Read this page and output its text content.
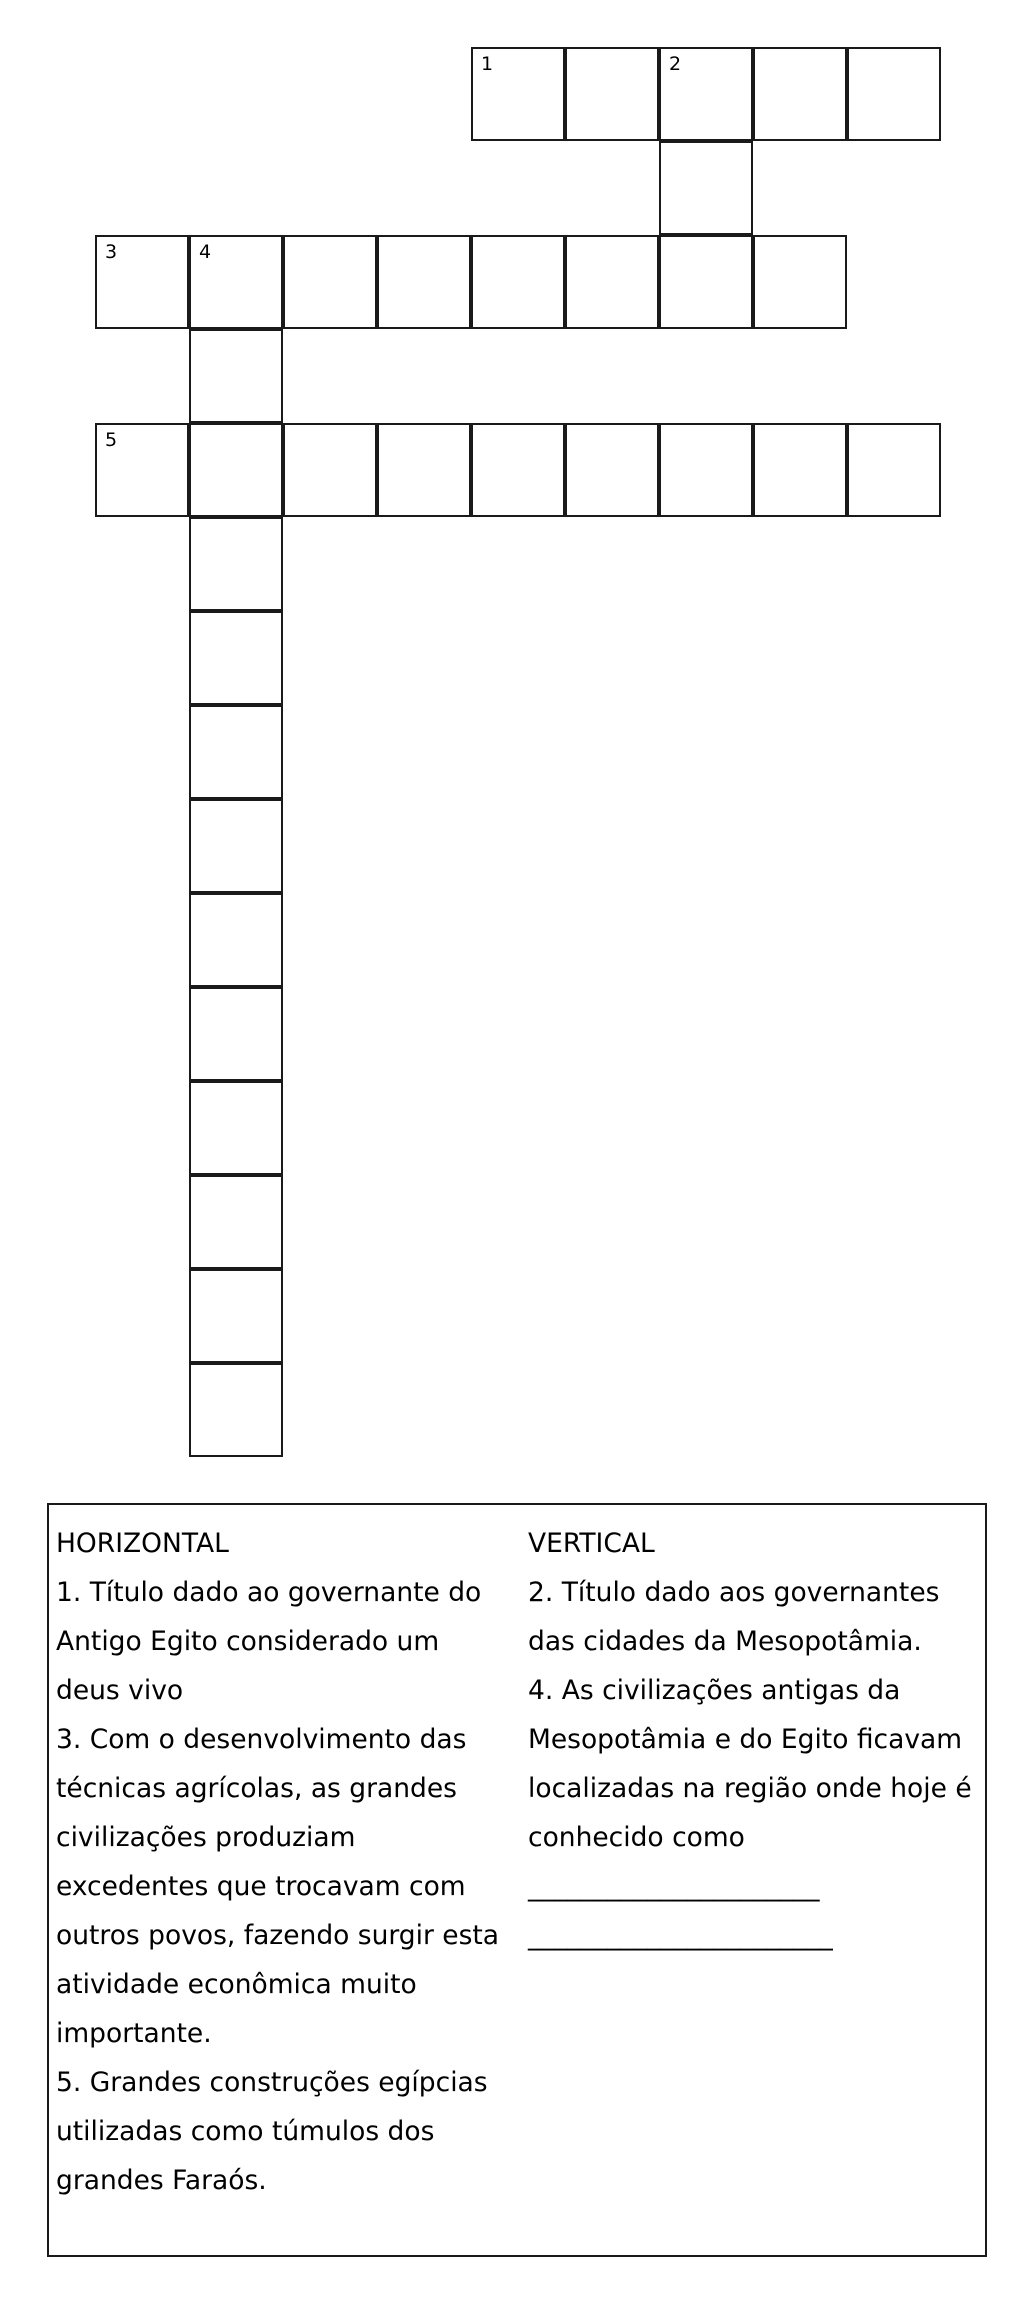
1	2
3	4
5
HORIZONTAL
1. Título dado ao governante do
Antigo Egito considerado um
deus vivo
3. Com o desenvolvimento das
técnicas agrícolas, as grandes
civilizações produziam
excedentes que trocavam com
outros povos, fazendo surgir esta
atividade econômica muito
importante.
5. Grandes construções egípcias
utilizadas como túmulos dos
grandes Faraós.
VERTICAL
2. Título dado aos governantes
das cidades da Mesopotâmia.
4. As civilizações antigas da
Mesopotâmia e do Egito ficavam
localizadas na região onde hoje é
conhecido como
______________________
_______________________
